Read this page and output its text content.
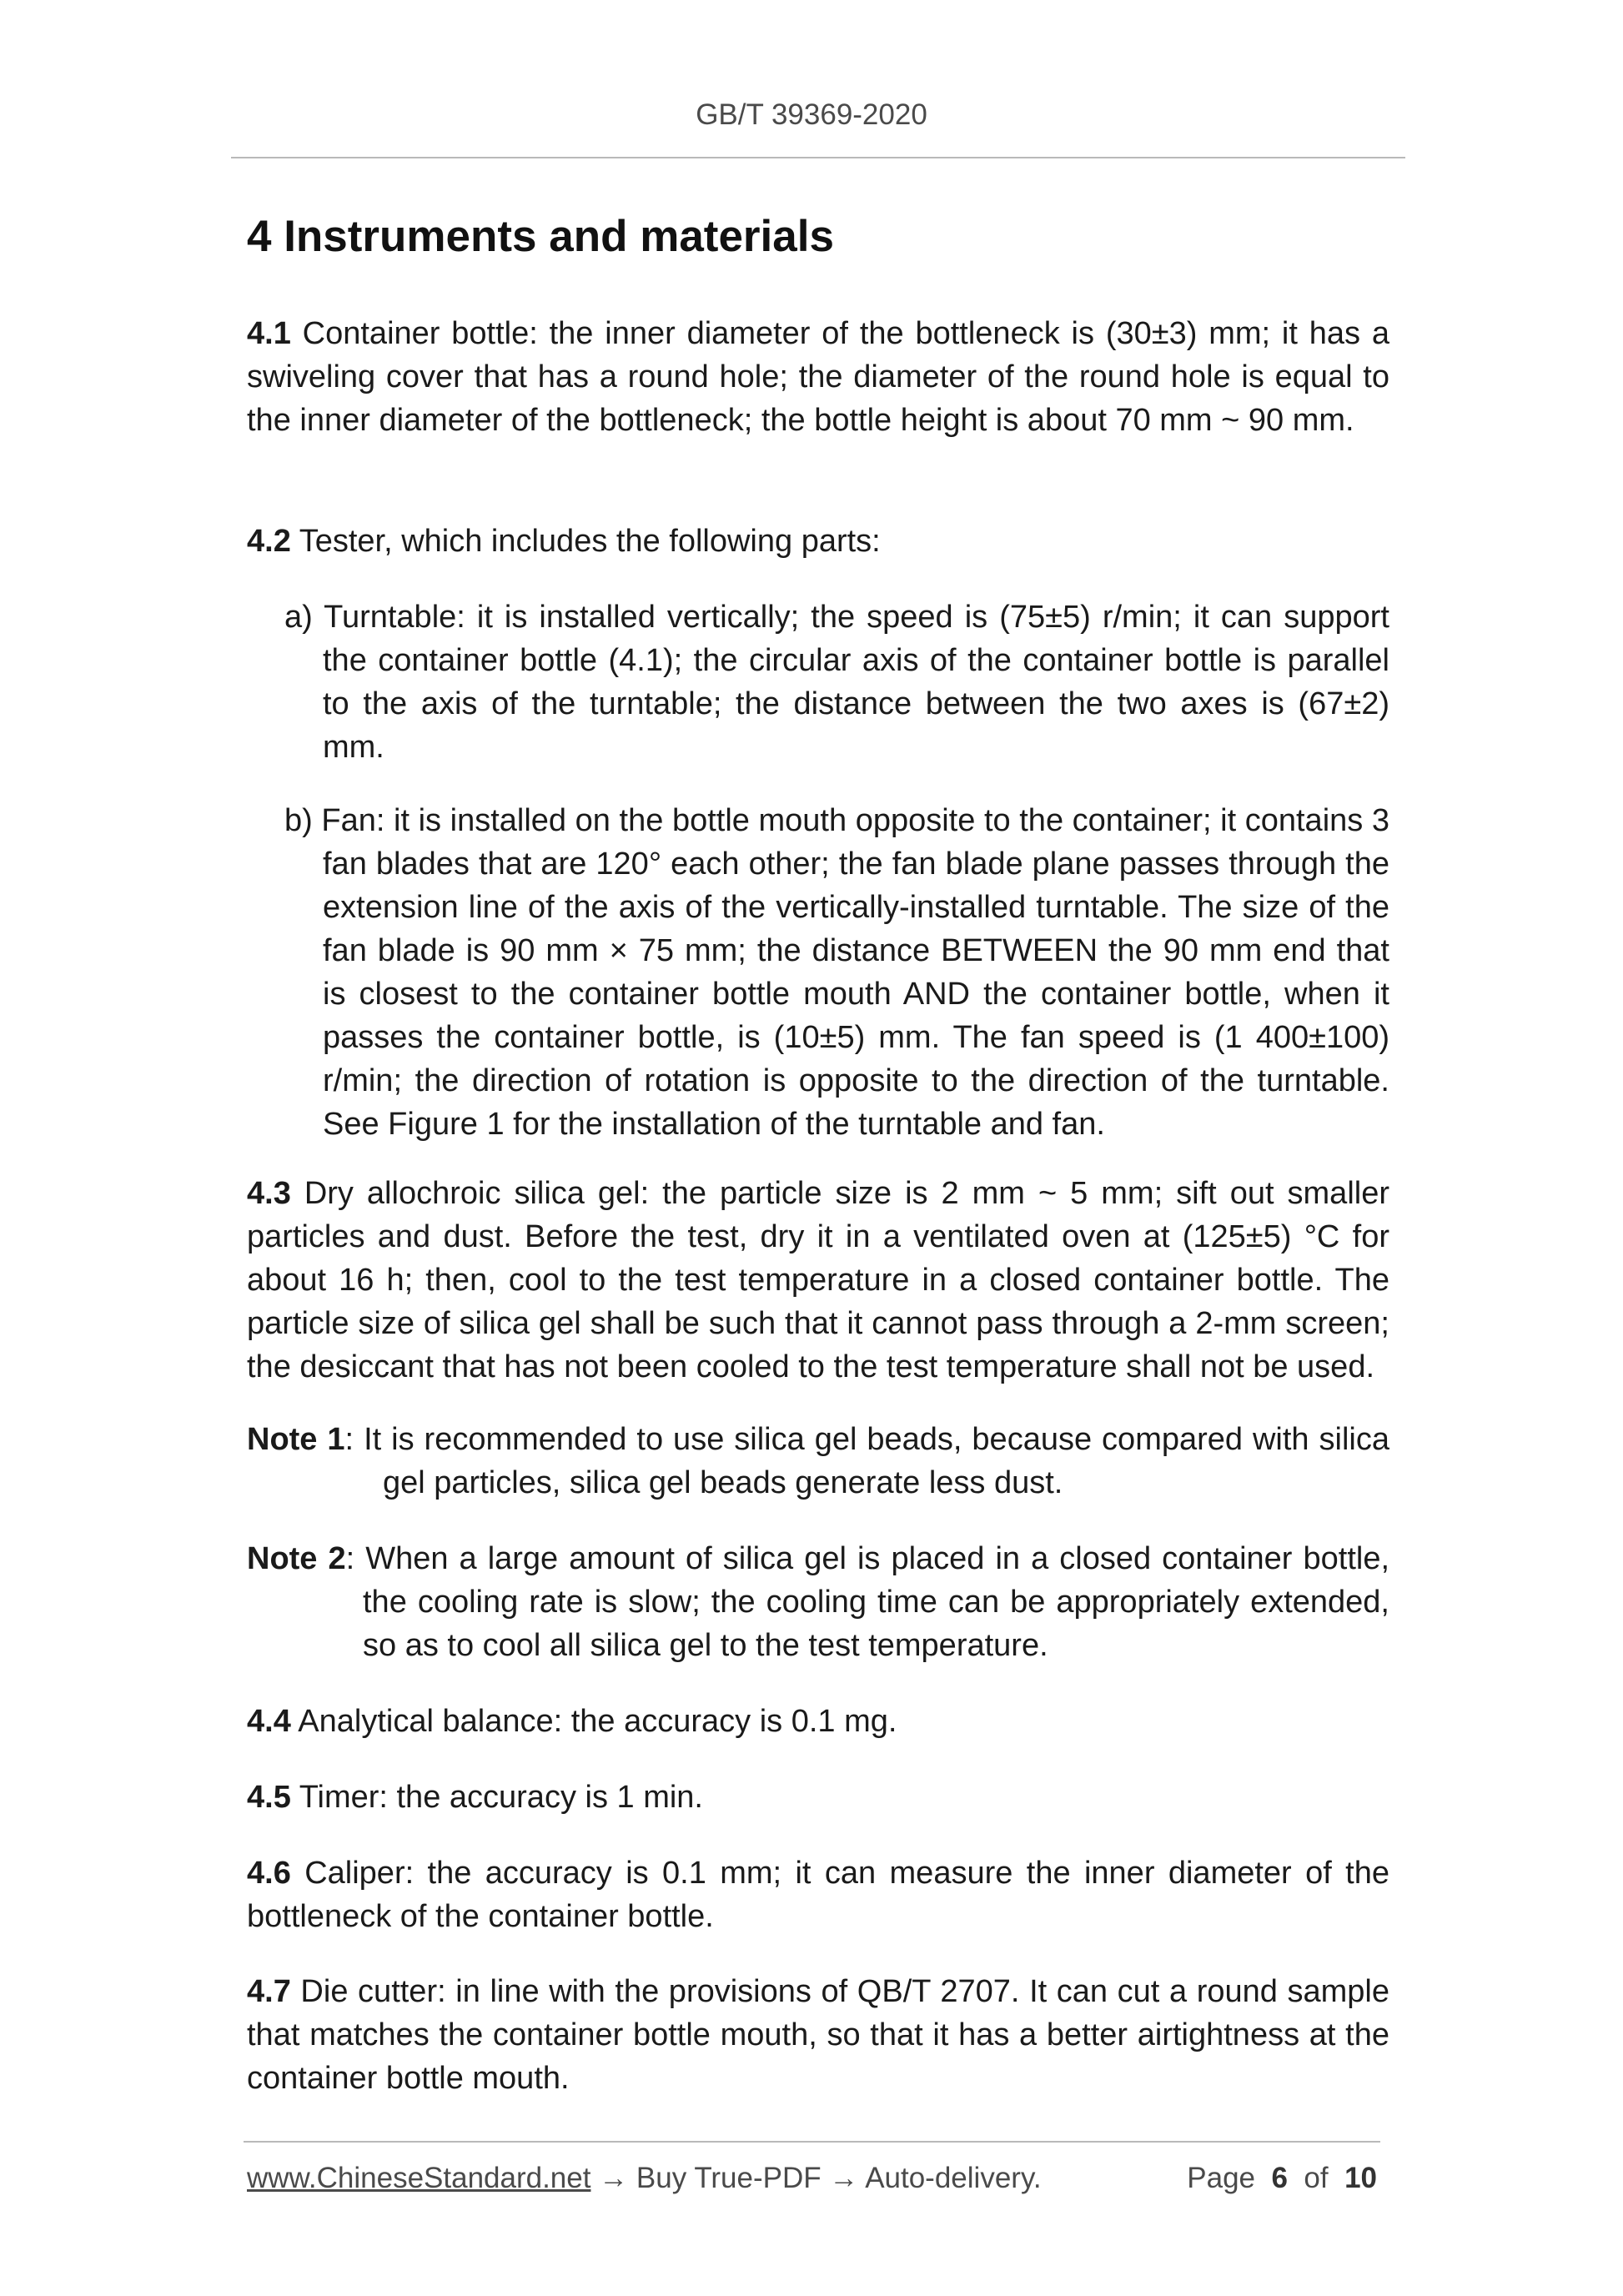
GB/T 39369-2020
4 Instruments and materials

4.1 Container bottle: the inner diameter of the bottleneck is (30±3) mm; it has a swiveling cover that has a round hole; the diameter of the round hole is equal to the inner diameter of the bottleneck; the bottle height is about 70 mm ~ 90 mm.

4.2 Tester, which includes the following parts:

a) Turntable: it is installed vertically; the speed is (75±5) r/min; it can support the container bottle (4.1); the circular axis of the container bottle is parallel to the axis of the turntable; the distance between the two axes is (67±2) mm.

b) Fan: it is installed on the bottle mouth opposite to the container; it contains 3 fan blades that are 120° each other; the fan blade plane passes through the extension line of the axis of the vertically-installed turntable. The size of the fan blade is 90 mm × 75 mm; the distance BETWEEN the 90 mm end that is closest to the container bottle mouth AND the container bottle, when it passes the container bottle, is (10±5) mm. The fan speed is (1 400±100) r/min; the direction of rotation is opposite to the direction of the turntable. See Figure 1 for the installation of the turntable and fan.

4.3 Dry allochroic silica gel: the particle size is 2 mm ~ 5 mm; sift out smaller particles and dust. Before the test, dry it in a ventilated oven at (125±5) °C for about 16 h; then, cool to the test temperature in a closed container bottle. The particle size of silica gel shall be such that it cannot pass through a 2-mm screen; the desiccant that has not been cooled to the test temperature shall not be used.

Note 1: It is recommended to use silica gel beads, because compared with silica gel particles, silica gel beads generate less dust.

Note 2: When a large amount of silica gel is placed in a closed container bottle, the cooling rate is slow; the cooling time can be appropriately extended, so as to cool all silica gel to the test temperature.

4.4 Analytical balance: the accuracy is 0.1 mg.

4.5 Timer: the accuracy is 1 min.

4.6 Caliper: the accuracy is 0.1 mm; it can measure the inner diameter of the bottleneck of the container bottle.

4.7 Die cutter: in line with the provisions of QB/T 2707. It can cut a round sample that matches the container bottle mouth, so that it has a better airtightness at the container bottle mouth.

www.ChineseStandard.net → Buy True-PDF → Auto-delivery.	Page 6 of 10
